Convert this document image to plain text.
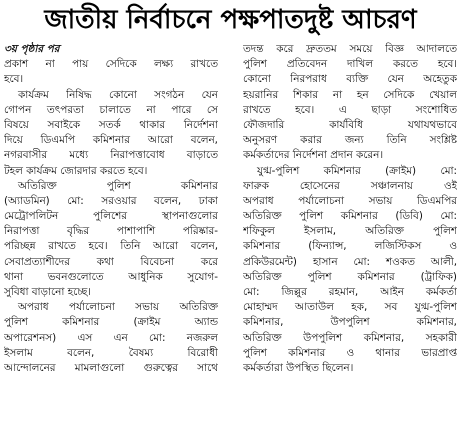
জাতীয় নির্বাচনে পক্ষপাতদুষ্ট আচরণ
৩য় পৃষ্ঠার পর
প্রকাশ না পায় সেদিকে লক্ষ্য রাখতে
হবে।
কার্যক্রম নিষিদ্ধ কোনো সংগঠন যেন
গোপন তৎপরতা চালাতে না পারে সে
বিষয়ে সবাইকে সতর্ক থাকার নির্দেশনা
দিয়ে ডিএমপি কমিশনার আরো বলেন,
নগরবাসীর মধ্যে নিরাপত্তাবোধ বাড়াতে
টহল কার্যক্রম জোরদার করতে হবে।
অতিরিক্ত পুলিশ কমিশনার
(অ্যাডমিন) মো: সরওয়ার বলেন, ঢাকা
মেট্রোপলিটন পুলিশের স্থাপনাগুলোর
নিরাপত্তা বৃদ্ধির পাশাপাশি পরিষ্কার-
পরিচ্ছন্ন রাখতে হবে। তিনি আরো বলেন,
সেবাপ্রত্যাশীদের কথা বিবেচনা করে
থানা ভবনগুলোতে আধুনিক সুযোগ-
সুবিধা বাড়ানো হচ্ছে।
অপরাধ পর্যালোচনা সভায় অতিরিক্ত
পুলিশ কমিশনার (ক্রাইম অ্যান্ড
অপারেশনস) এস এন মো: নজরুল
ইসলাম বলেন, বৈষম্য বিরোধী
আন্দোলনের মামলাগুলো গুরুত্বের সাথে
তদন্ত করে দ্রুততম সময়ে বিজ্ঞ আদালতে
পুলিশ প্রতিবেদন দাখিল করতে হবে।
কোনো নিরপরাধ ব্যক্তি যেন অহেতুক
হয়রানির শিকার না হন সেদিকে খেয়াল
রাখতে হবে। এ ছাড়া সংশোধিত
ফৌজদারি কার্যবিধি যথাযথভাবে
অনুসরণ করার জন্য তিনি সংশ্লিষ্ট
কর্মকর্তাদের নির্দেশনা প্রদান করেন।
যুগ্ম-পুলিশ কমিশনার (ক্রাইম) মো:
ফারুক হোসেনের সঞ্চালনায় ওই
অপরাধ পর্যালোচনা সভায় ডিএমপির
অতিরিক্ত পুলিশ কমিশনার (ডিবি) মো:
শফিকুল ইসলাম, অতিরিক্ত পুলিশ
কমিশনার (ফিন্যান্স, লজিস্টিকস ও
প্রকিউরমেন্ট) হাসান মো: শওকত আলী,
অতিরিক্ত পুলিশ কমিশনার (ট্রাফিক)
মো: জিল্লুর রহমান, আইন কর্মকর্তা
মোহাম্মদ আতাউল হক, সব যুগ্ম-পুলিশ
কমিশনার, উপপুলিশ কমিশনার,
অতিরিক্ত উপপুলিশ কমিশনার, সহকারী
পুলিশ কমিশনার ও থানার ভারপ্রাপ্ত
কর্মকর্তারা উপস্থিত ছিলেন।
